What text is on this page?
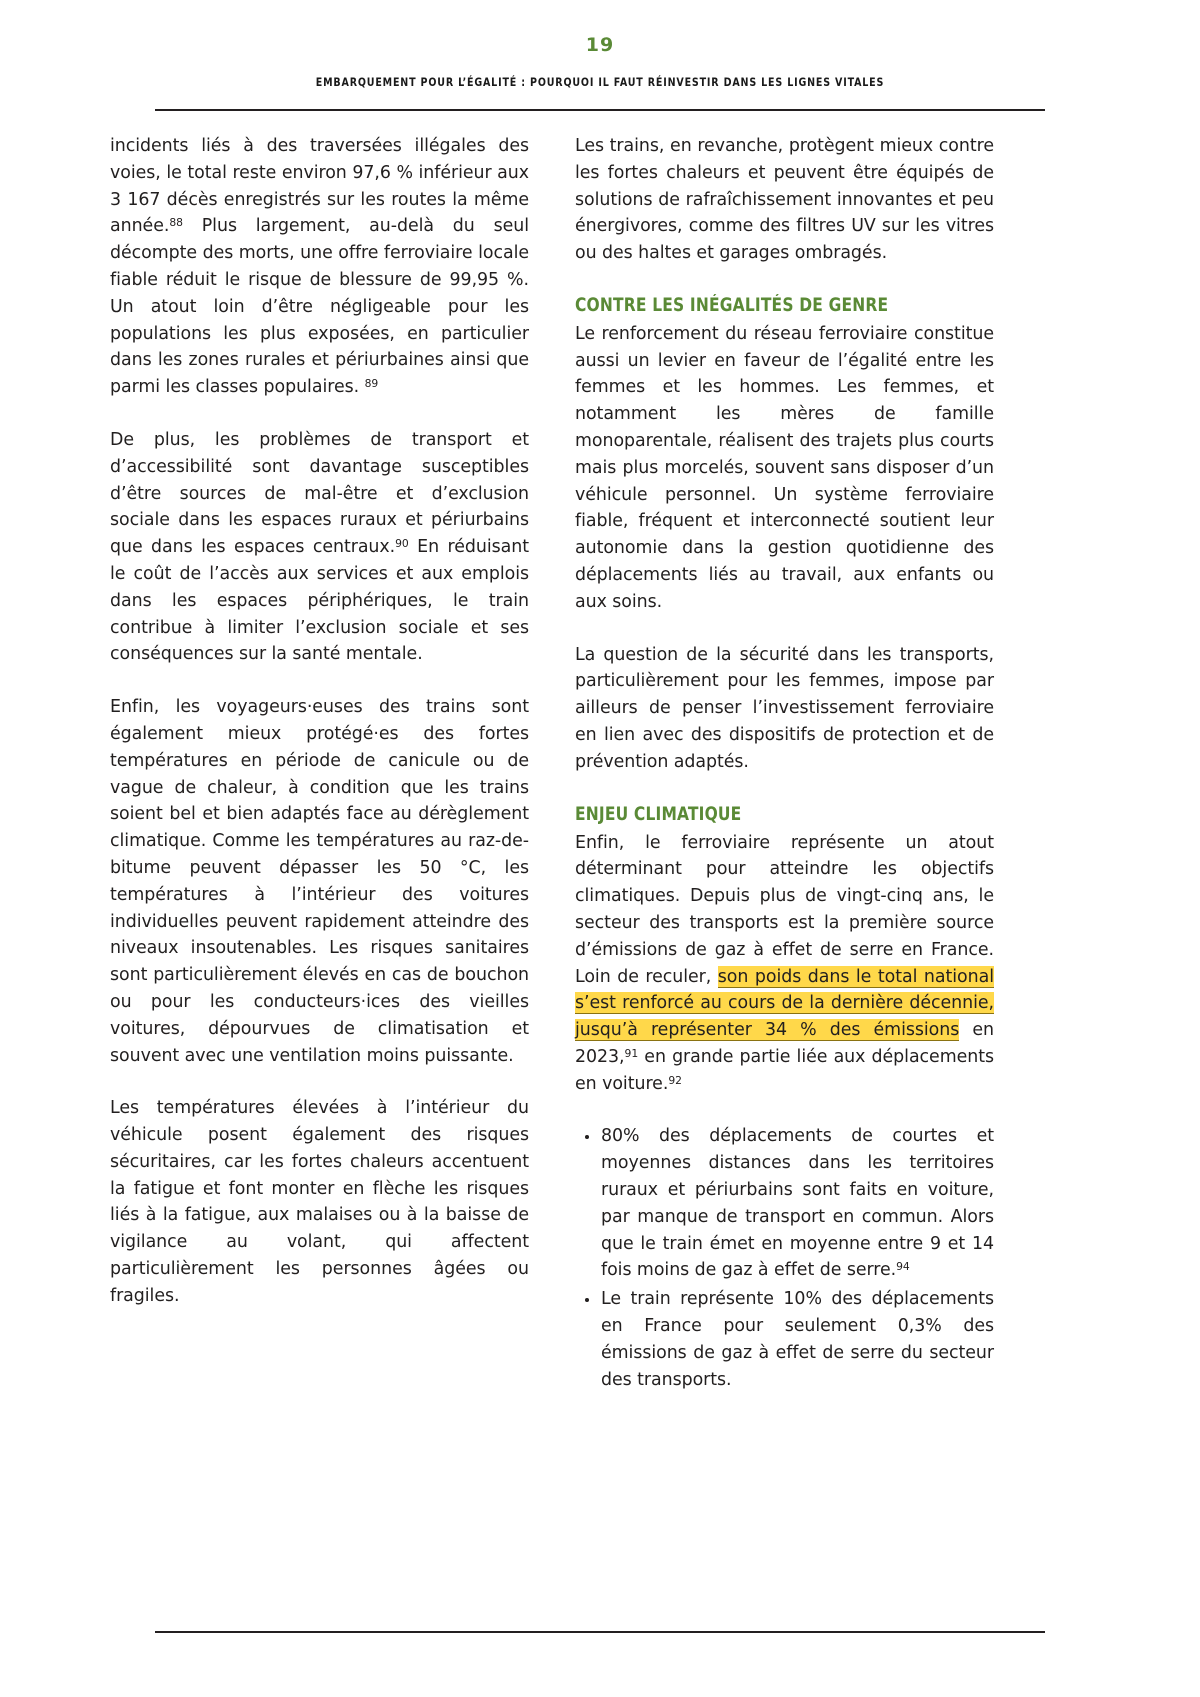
19
EMBARQUEMENT POUR L’ÉGALITÉ : POURQUOI IL FAUT RÉINVESTIR DANS LES LIGNES VITALES

incidents liés à des traversées illégales des voies, le total reste environ 97,6 % inférieur aux 3 167 décès enregistrés sur les routes la même année.$^{88}$ Plus largement, au-delà du seul décompte des morts, une offre ferroviaire locale fiable réduit le risque de blessure de 99,95 %. Un atout loin d’être négligeable pour les populations les plus exposées, en particulier dans les zones rurales et périurbaines ainsi que parmi les classes populaires. $^{89}$

De plus, les problèmes de transport et d’accessibilité sont davantage susceptibles d’être sources de mal-être et d’exclusion sociale dans les espaces ruraux et périurbains que dans les espaces centraux.$^{90}$ En réduisant le coût de l’accès aux services et aux emplois dans les espaces périphériques, le train contribue à limiter l’exclusion sociale et ses conséquences sur la santé mentale.

Enfin, les voyageurs·euses des trains sont également mieux protégé·es des fortes températures en période de canicule ou de vague de chaleur, à condition que les trains soient bel et bien adaptés face au dérèglement climatique. Comme les températures au raz-de-bitume peuvent dépasser les 50 °C, les températures à l’intérieur des voitures individuelles peuvent rapidement atteindre des niveaux insoutenables. Les risques sanitaires sont particulièrement élevés en cas de bouchon ou pour les conducteurs·ices des vieilles voitures, dépourvues de climatisation et souvent avec une ventilation moins puissante.

Les températures élevées à l’intérieur du véhicule posent également des risques sécuritaires, car les fortes chaleurs accentuent la fatigue et font monter en flèche les risques liés à la fatigue, aux malaises ou à la baisse de vigilance au volant, qui affectent particulièrement les personnes âgées ou fragiles.

Les trains, en revanche, protègent mieux contre les fortes chaleurs et peuvent être équipés de solutions de rafraîchissement innovantes et peu énergivores, comme des filtres UV sur les vitres ou des haltes et garages ombragés.

CONTRE LES INÉGALITÉS DE GENRE

Le renforcement du réseau ferroviaire constitue aussi un levier en faveur de l’égalité entre les femmes et les hommes. Les femmes, et notamment les mères de famille monoparentale, réalisent des trajets plus courts mais plus morcelés, souvent sans disposer d’un véhicule personnel. Un système ferroviaire fiable, fréquent et interconnecté soutient leur autonomie dans la gestion quotidienne des déplacements liés au travail, aux enfants ou aux soins.

La question de la sécurité dans les transports, particulièrement pour les femmes, impose par ailleurs de penser l’investissement ferroviaire en lien avec des dispositifs de protection et de prévention adaptés.

ENJEU CLIMATIQUE

Enfin, le ferroviaire représente un atout déterminant pour atteindre les objectifs climatiques. Depuis plus de vingt-cinq ans, le secteur des transports est la première source d’émissions de gaz à effet de serre en France. Loin de reculer, son poids dans le total national s’est renforcé au cours de la dernière décennie, jusqu’à représenter 34 % des émissions en 2023,91 en grande partie liée aux déplacements en voiture.$^{92}$

80% des déplacements de courtes et moyennes distances dans les territoires ruraux et périurbains sont faits en voiture, par manque de transport en commun. Alors que le train émet en moyenne entre 9 et 14 fois moins de gaz à effet de serre.$^{94}$
Le train représente 10% des déplacements en France pour seulement 0,3% des émissions de gaz à effet de serre du secteur des transports.
